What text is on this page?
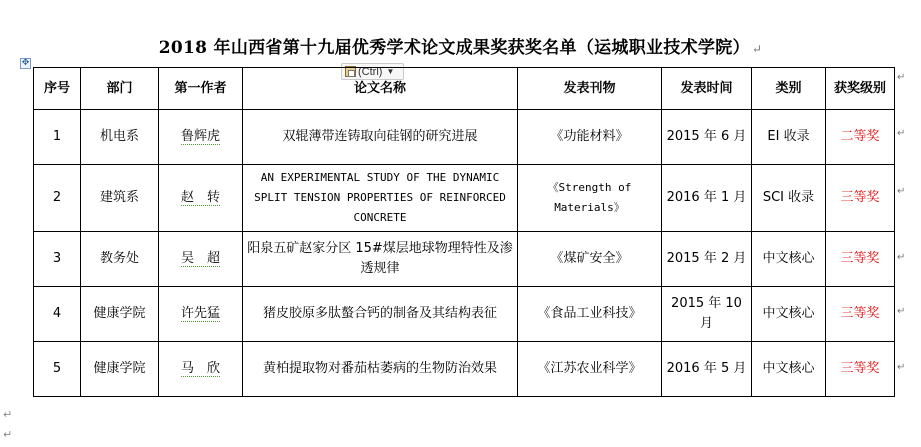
2018 年山西省第十九届优秀学术论文成果奖获奖名单（运城职业技术学院） ↵
✥
(Ctrl) ▼
序号	部门	第一作者	论文名称	发表刊物	发表时间	类别	获奖级别
1	机电系	鲁辉虎	双辊薄带连铸取向硅钢的研究进展	《功能材料》	2015 年 6 月	EI 收录	二等奖
2	建筑系	赵　转	AN EXPERIMENTAL STUDY OF THE DYNAMIC SPLIT TENSION PROPERTIES OF REINFORCED CONCRETE	《Strength of Materials》	2016 年 1 月	SCI 收录	三等奖
3	教务处	吴　超	阳泉五矿赵家分区 15#煤层地球物理特性及渗透规律	《煤矿安全》	2015 年 2 月	中文核心	三等奖
4	健康学院	许先猛	猪皮胶原多肽螯合钙的制备及其结构表征	《食品工业科技》	2015 年 10 月	中文核心	三等奖
5	健康学院	马　欣	黄柏提取物对番茄枯萎病的生物防治效果	《江苏农业科学》	2016 年 5 月	中文核心	三等奖
↵
↵
↵
↵
↵
↵
↵
↵
